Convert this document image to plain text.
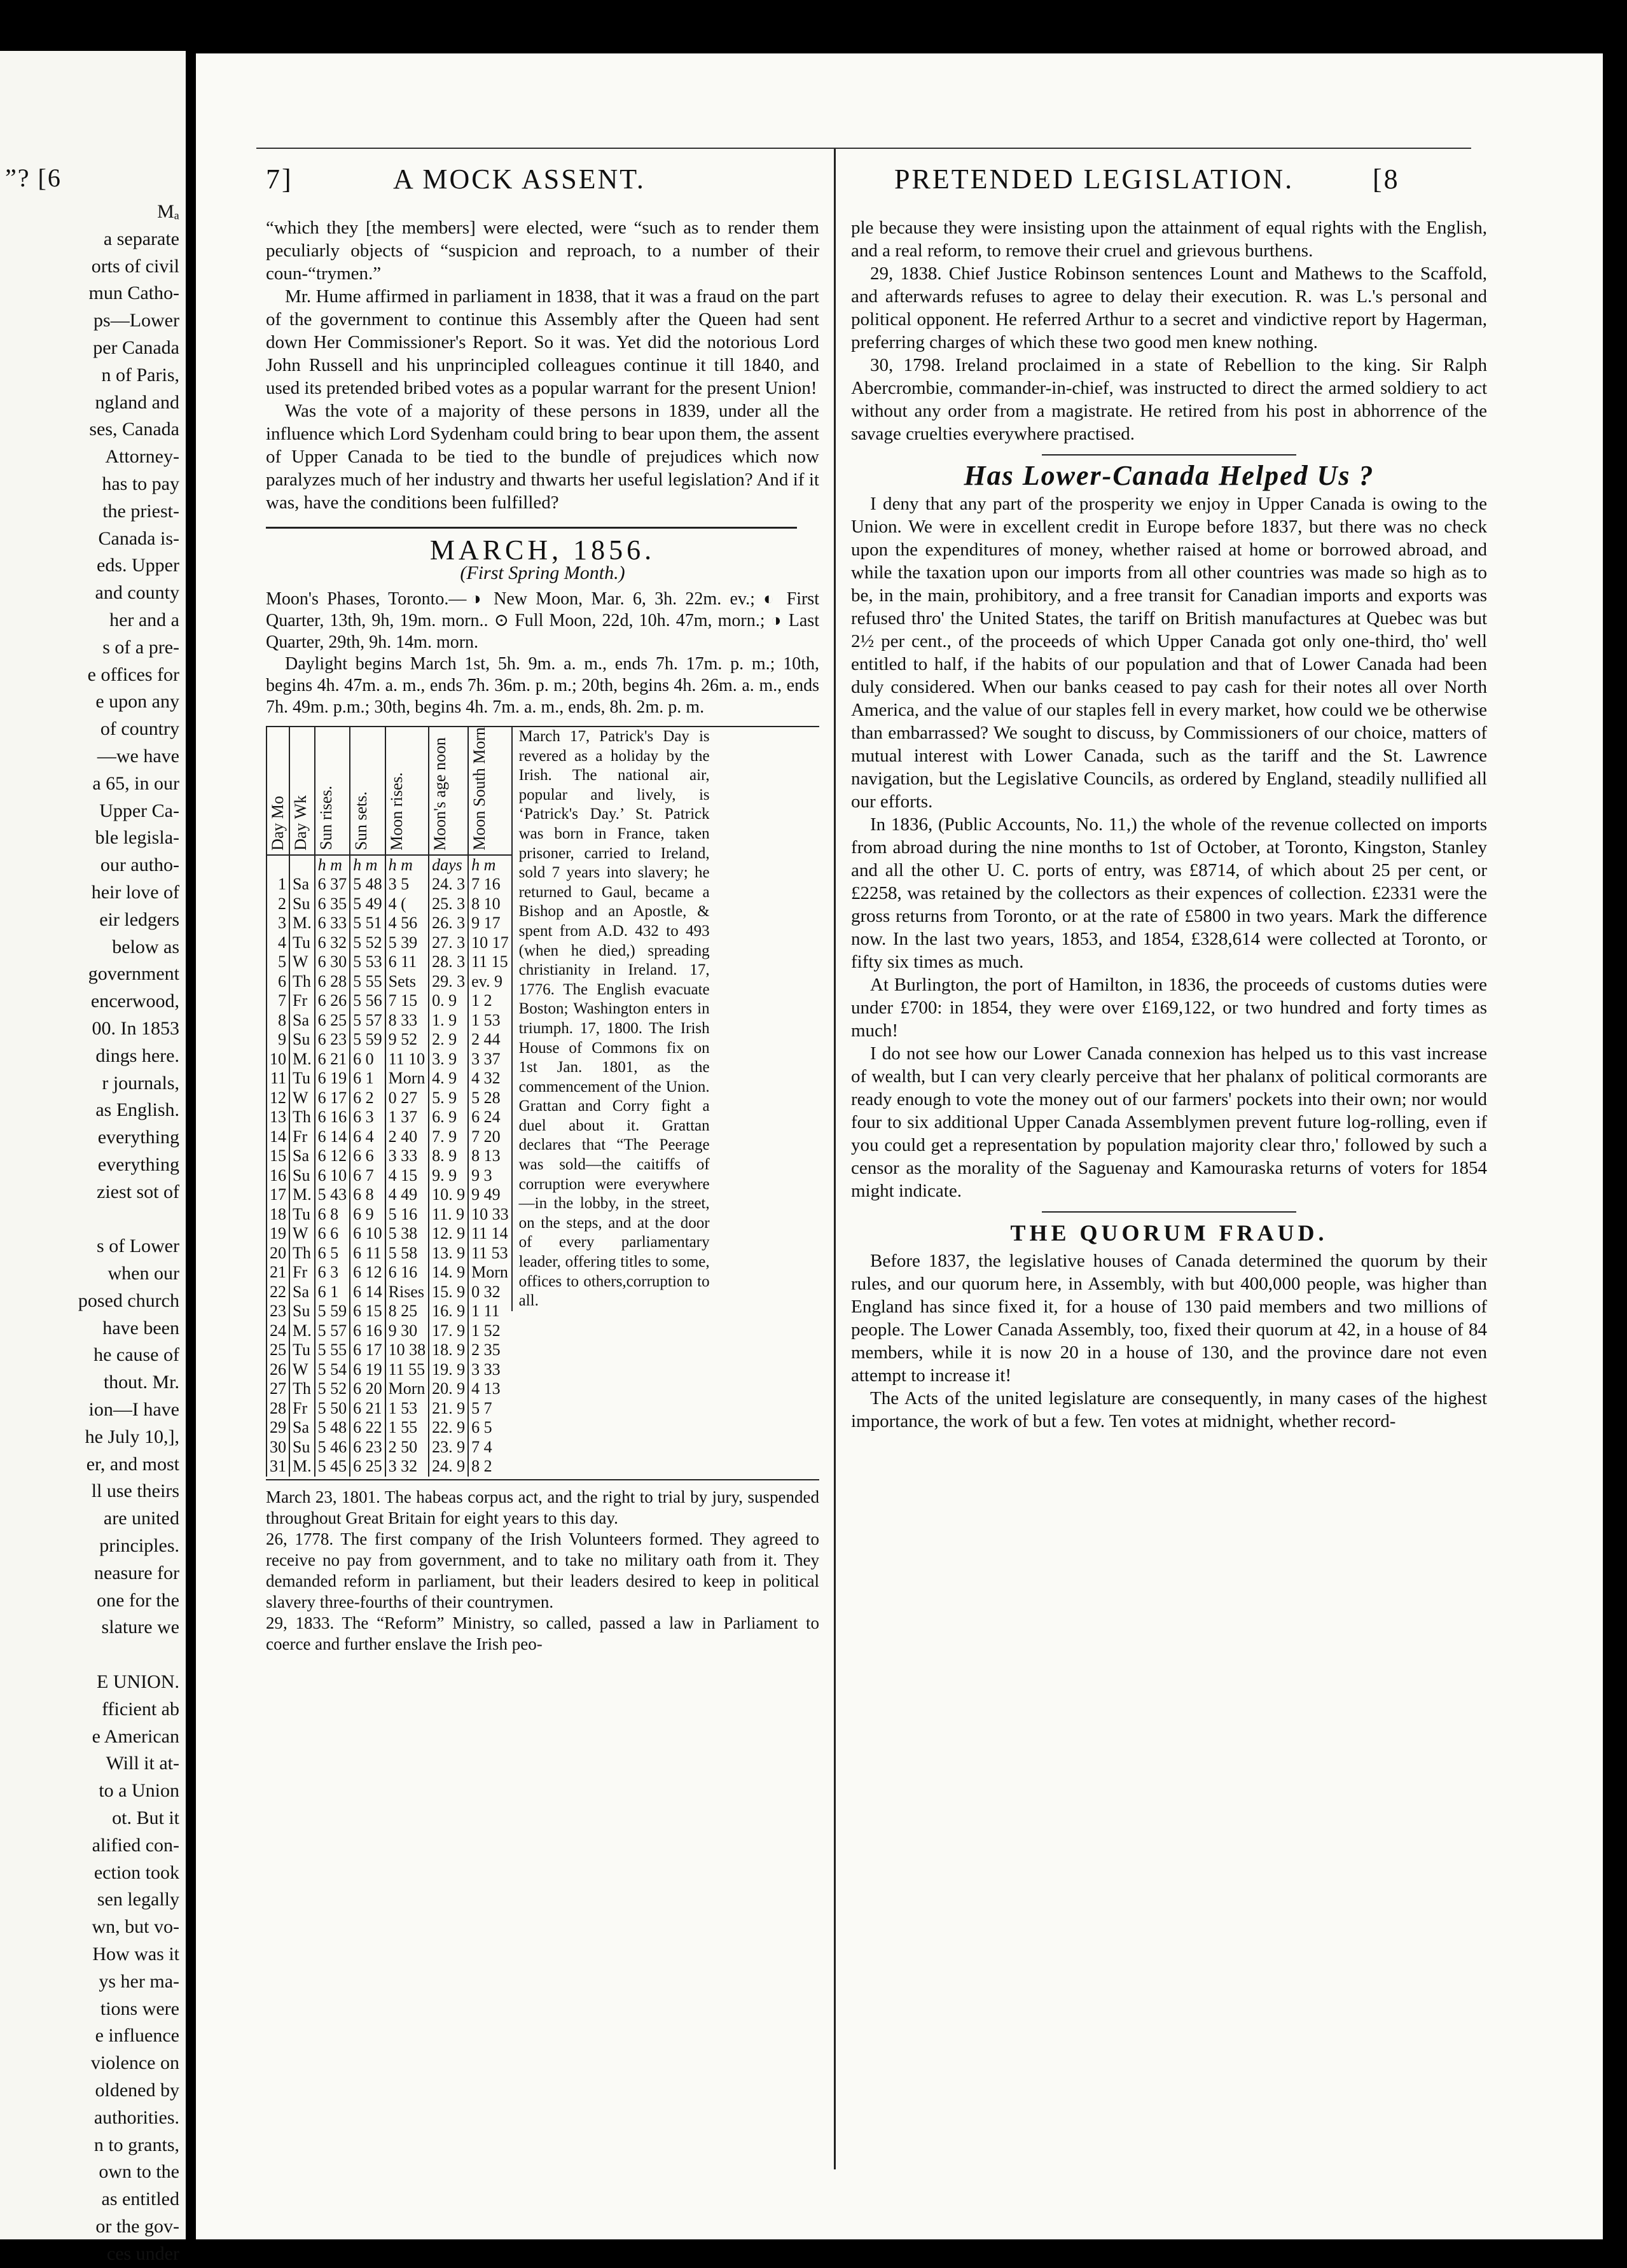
”? [6
Mₐ
a separate
orts of civil
mun Catho-
ps—Lower
per Canada
n of Paris,
ngland and
ses, Canada
Attorney-
has to pay
the priest-
Canada is-
eds. Upper
and county
her and a
s of a pre-
e offices for
e upon any
of country
—we have
a 65, in our
Upper Ca-
ble legisla-
our autho-
heir love of
eir ledgers
below as
government
encerwood,
00. In 1853
dings here.
r journals,
as English.
everything
everything
ziest sot of
s of Lower
when our
posed church
have been
he cause of
thout. Mr.
ion—I have
he July 10,],
er, and most
ll use theirs
are united
principles.
neasure for
one for the
slature we
E UNION.
fficient ab
e American
Will it at-
to a Union
ot. But it
alified con-
ection took
sen legally
wn, but vo-
How was it
ys her ma-
tions were
e influence
violence on
oldened by
authorities.
n to grants,
own to the
as entitled
or the gov-
ces under
7]	A MOCK ASSENT.	PRETENDED LEGISLATION.	[8

“which they [the members] were elected, were “such as to render them peculiarly objects of “suspicion and reproach, to a number of their coun-“trymen.”

Mr. Hume affirmed in parliament in 1838, that it was a fraud on the part of the government to continue this Assembly after the Queen had sent down Her Commissioner's Report. So it was. Yet did the notorious Lord John Russell and his unprincipled colleagues continue it till 1840, and used its pretended bribed votes as a popular warrant for the present Union!

Was the vote of a majority of these persons in 1839, under all the influence which Lord Sydenham could bring to bear upon them, the assent of Upper Canada to be tied to the bundle of prejudices which now paralyzes much of her industry and thwarts her useful legislation? And if it was, have the conditions been fulfilled?

MARCH, 1856.
(First Spring Month.)

Moon's Phases, Toronto.—◑ New Moon, Mar. 6, 3h. 22m. ev.; ◐ First Quarter, 13th, 9h, 19m. morn.. ⊙ Full Moon, 22d, 10h. 47m, morn.; ◑ Last Quarter, 29th, 9h. 14m. morn.

Daylight begins March 1st, 5h. 9m. a. m., ends 7h. 17m. p. m.; 10th, begins 4h. 47m. a. m., ends 7h. 36m. p. m.; 20th, begins 4h. 26m. a. m., ends 7h. 49m. p.m.; 30th, begins 4h. 7m. a. m., ends, 8h. 2m. p. m.

Day Mo	Day Wk	Sun rises.	Sun sets.	Moon rises.	Moon's age noon	Moon South Morn
		h m	h m	h m	days	h m
1	Sa	6 37	5 48	3 5	24. 3	7 16
2	Su	6 35	5 49	4 (	25. 3	8 10
3	M.	6 33	5 51	4 56	26. 3	9 17
4	Tu	6 32	5 52	5 39	27. 3	10 17
5	W	6 30	5 53	6 11	28. 3	11 15
6	Th	6 28	5 55	Sets	29. 3	ev. 9
7	Fr	6 26	5 56	7 15	0. 9	1 2
8	Sa	6 25	5 57	8 33	1. 9	1 53
9	Su	6 23	5 59	9 52	2. 9	2 44
10	M.	6 21	6 0	11 10	3. 9	3 37
11	Tu	6 19	6 1	Morn	4. 9	4 32
12	W	6 17	6 2	0 27	5. 9	5 28
13	Th	6 16	6 3	1 37	6. 9	6 24
14	Fr	6 14	6 4	2 40	7. 9	7 20
15	Sa	6 12	6 6	3 33	8. 9	8 13
16	Su	6 10	6 7	4 15	9. 9	9 3
17	M.	5 43	6 8	4 49	10. 9	9 49
18	Tu	6 8	6 9	5 16	11. 9	10 33
19	W	6 6	6 10	5 38	12. 9	11 14
20	Th	6 5	6 11	5 58	13. 9	11 53
21	Fr	6 3	6 12	6 16	14. 9	Morn
22	Sa	6 1	6 14	Rises	15. 9	0 32
23	Su	5 59	6 15	8 25	16. 9	1 11
24	M.	5 57	6 16	9 30	17. 9	1 52
25	Tu	5 55	6 17	10 38	18. 9	2 35
26	W	5 54	6 19	11 55	19. 9	3 33
27	Th	5 52	6 20	Morn	20. 9	4 13
28	Fr	5 50	6 21	1 53	21. 9	5 7
29	Sa	5 48	6 22	1 55	22. 9	6 5
30	Su	5 46	6 23	2 50	23. 9	7 4
31	M.	5 45	6 25	3 32	24. 9	8 2
March 17, Patrick's Day is revered as a holiday by the Irish. The national air, popular and lively, is ‘Patrick's Day.’ St. Patrick was born in France, taken prisoner, carried to Ireland, sold 7 years into slavery; he returned to Gaul, became a Bishop and an Apostle, & spent from A.D. 432 to 493 (when he died,) spreading christianity in Ireland. 17, 1776. The English evacuate Boston; Washington enters in triumph. 17, 1800. The Irish House of Commons fix on 1st Jan. 1801, as the commencement of the Union. Grattan and Corry fight a duel about it. Grattan declares that “The Peerage was sold—the caitiffs of corruption were everywhere—in the lobby, in the street, on the steps, and at the door of every parliamentary leader, offering titles to some, offices to others,corruption to all.

March 23, 1801. The habeas corpus act, and the right to trial by jury, suspended throughout Great Britain for eight years to this day.

26, 1778. The first company of the Irish Volunteers formed. They agreed to receive no pay from government, and to take no military oath from it. They demanded reform in parliament, but their leaders desired to keep in political slavery three-fourths of their countrymen.

29, 1833. The “Reform” Ministry, so called, passed a law in Parliament to coerce and further enslave the Irish peo-

ple because they were insisting upon the attainment of equal rights with the English, and a real reform, to remove their cruel and grievous burthens.

29, 1838. Chief Justice Robinson sentences Lount and Mathews to the Scaffold, and afterwards refuses to agree to delay their execution. R. was L.'s personal and political opponent. He referred Arthur to a secret and vindictive report by Hagerman, preferring charges of which these two good men knew nothing.

30, 1798. Ireland proclaimed in a state of Rebellion to the king. Sir Ralph Abercrombie, commander-in-chief, was instructed to direct the armed soldiery to act without any order from a magistrate. He retired from his post in abhorrence of the savage cruelties everywhere practised.

Has Lower-Canada Helped Us ?

I deny that any part of the prosperity we enjoy in Upper Canada is owing to the Union. We were in excellent credit in Europe before 1837, but there was no check upon the expenditures of money, whether raised at home or borrowed abroad, and while the taxation upon our imports from all other countries was made so high as to be, in the main, prohibitory, and a free transit for Canadian imports and exports was refused thro' the United States, the tariff on British manufactures at Quebec was but 2½ per cent., of the proceeds of which Upper Canada got only one-third, tho' well entitled to half, if the habits of our population and that of Lower Canada had been duly considered. When our banks ceased to pay cash for their notes all over North America, and the value of our staples fell in every market, how could we be otherwise than embarrassed? We sought to discuss, by Commissioners of our choice, matters of mutual interest with Lower Canada, such as the tariff and the St. Lawrence navigation, but the Legislative Councils, as ordered by England, steadily nullified all our efforts.

In 1836, (Public Accounts, No. 11,) the whole of the revenue collected on imports from abroad during the nine months to 1st of October, at Toronto, Kingston, Stanley and all the other U. C. ports of entry, was £8714, of which about 25 per cent, or £2258, was retained by the collectors as their expences of collection. £2331 were the gross returns from Toronto, or at the rate of £5800 in two years. Mark the difference now. In the last two years, 1853, and 1854, £328,614 were collected at Toronto, or fifty six times as much.

At Burlington, the port of Hamilton, in 1836, the proceeds of customs duties were under £700: in 1854, they were over £169,122, or two hundred and forty times as much!

I do not see how our Lower Canada connexion has helped us to this vast increase of wealth, but I can very clearly perceive that her phalanx of political cormorants are ready enough to vote the money out of our farmers' pockets into their own; nor would four to six additional Upper Canada Assemblymen prevent future log-rolling, even if you could get a representation by population majority clear thro,' followed by such a censor as the morality of the Saguenay and Kamouraska returns of voters for 1854 might indicate.

THE QUORUM FRAUD.

Before 1837, the legislative houses of Canada determined the quorum by their rules, and our quorum here, in Assembly, with but 400,000 people, was higher than England has since fixed it, for a house of 130 paid members and two millions of people. The Lower Canada Assembly, too, fixed their quorum at 42, in a house of 84 members, while it is now 20 in a house of 130, and the province dare not even attempt to increase it!

The Acts of the united legislature are consequently, in many cases of the highest importance, the work of but a few. Ten votes at midnight, whether record-
